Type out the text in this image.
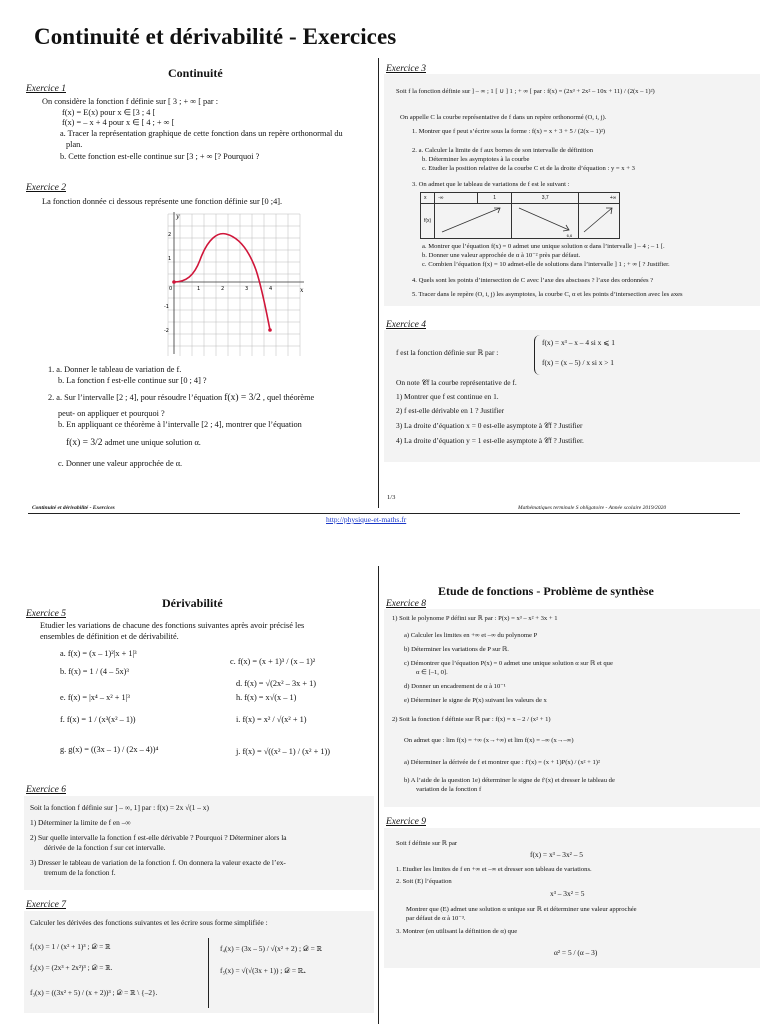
Continuité et dérivabilité - Exercices
Continuité
Exercice 1
On considère la fonction f définie sur [ 3 ; + ∞ [ par :
f(x) = E(x) pour x ∈ [3 ; 4 [
f(x) = – x + 4 pour x ∈ [ 4 ; + ∞ [
a. Tracer la représentation graphique de cette fonction dans un repère orthonormal du
plan.
b. Cette fonction est-elle continue sur [3 ; + ∞ [? Pourquoi ?
Exercice 2
La fonction donnée ci dessous représente une fonction définie sur [0 ;4].
y
x
0	1	2	3	4
2
1
-1
-2
1. a. Donner le tableau de variation de f.
b. La fonction f est-elle continue sur [0 ; 4] ?
2. a. Sur l’intervalle [2 ; 4], pour résoudre l’équation f(x) = 3/2 , quel théorème
peut- on appliquer et pourquoi ?
b. En appliquant ce théorème à l’intervalle [2 ; 4], montrer que l’équation
f(x) = 3/2 admet une unique solution α.
c. Donner une valeur approchée de α.
Exercice 3
Soit f la fonction définie sur ] – ∞ ; 1 [ ∪ ] 1 ; + ∞ [ par : f(x) = (2x³ + 2x² – 10x + 11) / (2(x – 1)²)
On appelle C la courbe représentative de f dans un repère orthonormé (O, i, j).
1. Montrer que f peut s’écrire sous la forme : f(x) = x + 3 + 5 / (2(x – 1)²)
2. a. Calculer la limite de f aux bornes de son intervalle de définition
b. Déterminer les asymptotes à la courbe
c. Etudier la position relative de la courbe C et de la droite d’équation : y = x + 3
3. On admet que le tableau de variations de f est le suivant :
x	-∞	1	3,7	+∞
f(x)			6,6

a. Montrer que l’équation f(x) = 0 admet une unique solution α dans l’intervalle ] – 4 ; – 1 [.
b. Donner une valeur approchée de α à 10⁻² près par défaut.
c. Combien l’équation f(x) = 10 admet-elle de solutions dans l’intervalle ] 1 ; + ∞ [ ? Justifier.
4. Quels sont les points d’intersection de C avec l’axe des abscisses ? l’axe des ordonnées ?
5. Tracer dans le repère (O, i, j) les asymptotes, la courbe C, α et les points d’intersection avec les axes
Exercice 4
f est la fonction définie sur ℝ par :
f(x) = x³ – x – 4 si x ⩽ 1
f(x) = (x – 5) / x si x > 1
On note 𝒞f la courbe représentative de f.
1) Montrer que f est continue en 1.
2) f est-elle dérivable en 1 ? Justifier
3) La droite d’équation x = 0 est-elle asymptote à 𝒞f ? Justifier
4) La droite d’équation y = 1 est-elle asymptote à 𝒞f ? Justifier.
1/3
Continuité et dérivabilité - Exercices	Mathématiques terminale S obligatoire - Année scolaire 2019/2020
http://physique-et-maths.fr
Dérivabilité
Exercice 5
Etudier les variations de chacune des fonctions suivantes après avoir précisé les
ensembles de définition et de dérivabilité.
a. f(x) = (x – 1)²|x + 1|³
b. f(x) = 1 / (4 – 5x)³
c. f(x) = (x + 1)³ / (x – 1)²
d. f(x) = √(2x² – 3x + 1)
e. f(x) = |x⁴ – x² + 1|³	h. f(x) = x√(x – 1)
f. f(x) = 1 / (x³(x² – 1))	i. f(x) = x² / √(x² + 1)
g. g(x) = ((3x – 1) / (2x – 4))⁴	j. f(x) = √((x² – 1) / (x² + 1))
Exercice 6
Soit la fonction f définie sur ] – ∞, 1] par : f(x) = 2x √(1 – x)
1) Déterminer la limite de f en –∞
2) Sur quelle intervalle la fonction f est-elle dérivable ? Pourquoi ? Déterminer alors la
dérivée de la fonction f sur cet intervalle.
3) Dresser le tableau de variation de la fonction f. On donnera la valeur exacte de l’ex-
tremum de la fonction f.
Exercice 7
Calculer les dérivées des fonctions suivantes et les écrire sous forme simplifiée :
f₁(x) = 1 / (x² + 1)³ ; 𝒟 = ℝ
f₂(x) = (2x³ + 2x²)³ ; 𝒟 = ℝ.
f₃(x) = ((3x² + 5) / (x + 2))³ ; 𝒟 = ℝ \ {–2}.
f₄(x) = (3x – 5) / √(x² + 2) ; 𝒟 = ℝ
f₅(x) = √(√(3x + 1)) ; 𝒟 = ℝ₊
Etude de fonctions - Problème de synthèse
Exercice 8
1) Soit le polynome P défini sur ℝ par : P(x) = x³ – x² + 3x + 1
a) Calculer les limites en +∞ et –∞ du polynome P
b) Déterminer les variations de P sur ℝ.
c) Démontrer que l’équation P(x) = 0 admet une unique solution α sur ℝ et que
α ∈ [–1, 0].
d) Donner un encadrement de α à 10⁻¹
e) Déterminer le signe de P(x) suivant les valeurs de x
2) Soit la fonction f définie sur ℝ par : f(x) = x – 2 / (x² + 1)
On admet que : lim f(x) = +∞ (x→+∞) et lim f(x) = –∞ (x→–∞)
a) Déterminer la dérivée de f et montrer que : f′(x) = (x + 1)P(x) / (x² + 1)²
b) A l’aide de la question 1e) déterminer le signe de f′(x) et dresser le tableau de
variation de la fonction f
Exercice 9
Soit f définie sur ℝ par
f(x) = x³ – 3x² – 5
1. Etudier les limites de f en +∞ et –∞ et dresser son tableau de variations.
2. Soit (E) l’équation
x³ – 3x² = 5
Montrer que (E) admet une solution α unique sur ℝ et déterminer une valeur approchée
par défaut de α à 10⁻³.
3. Montrer (en utilisant la définition de α) que
α² = 5 / (α – 3)
